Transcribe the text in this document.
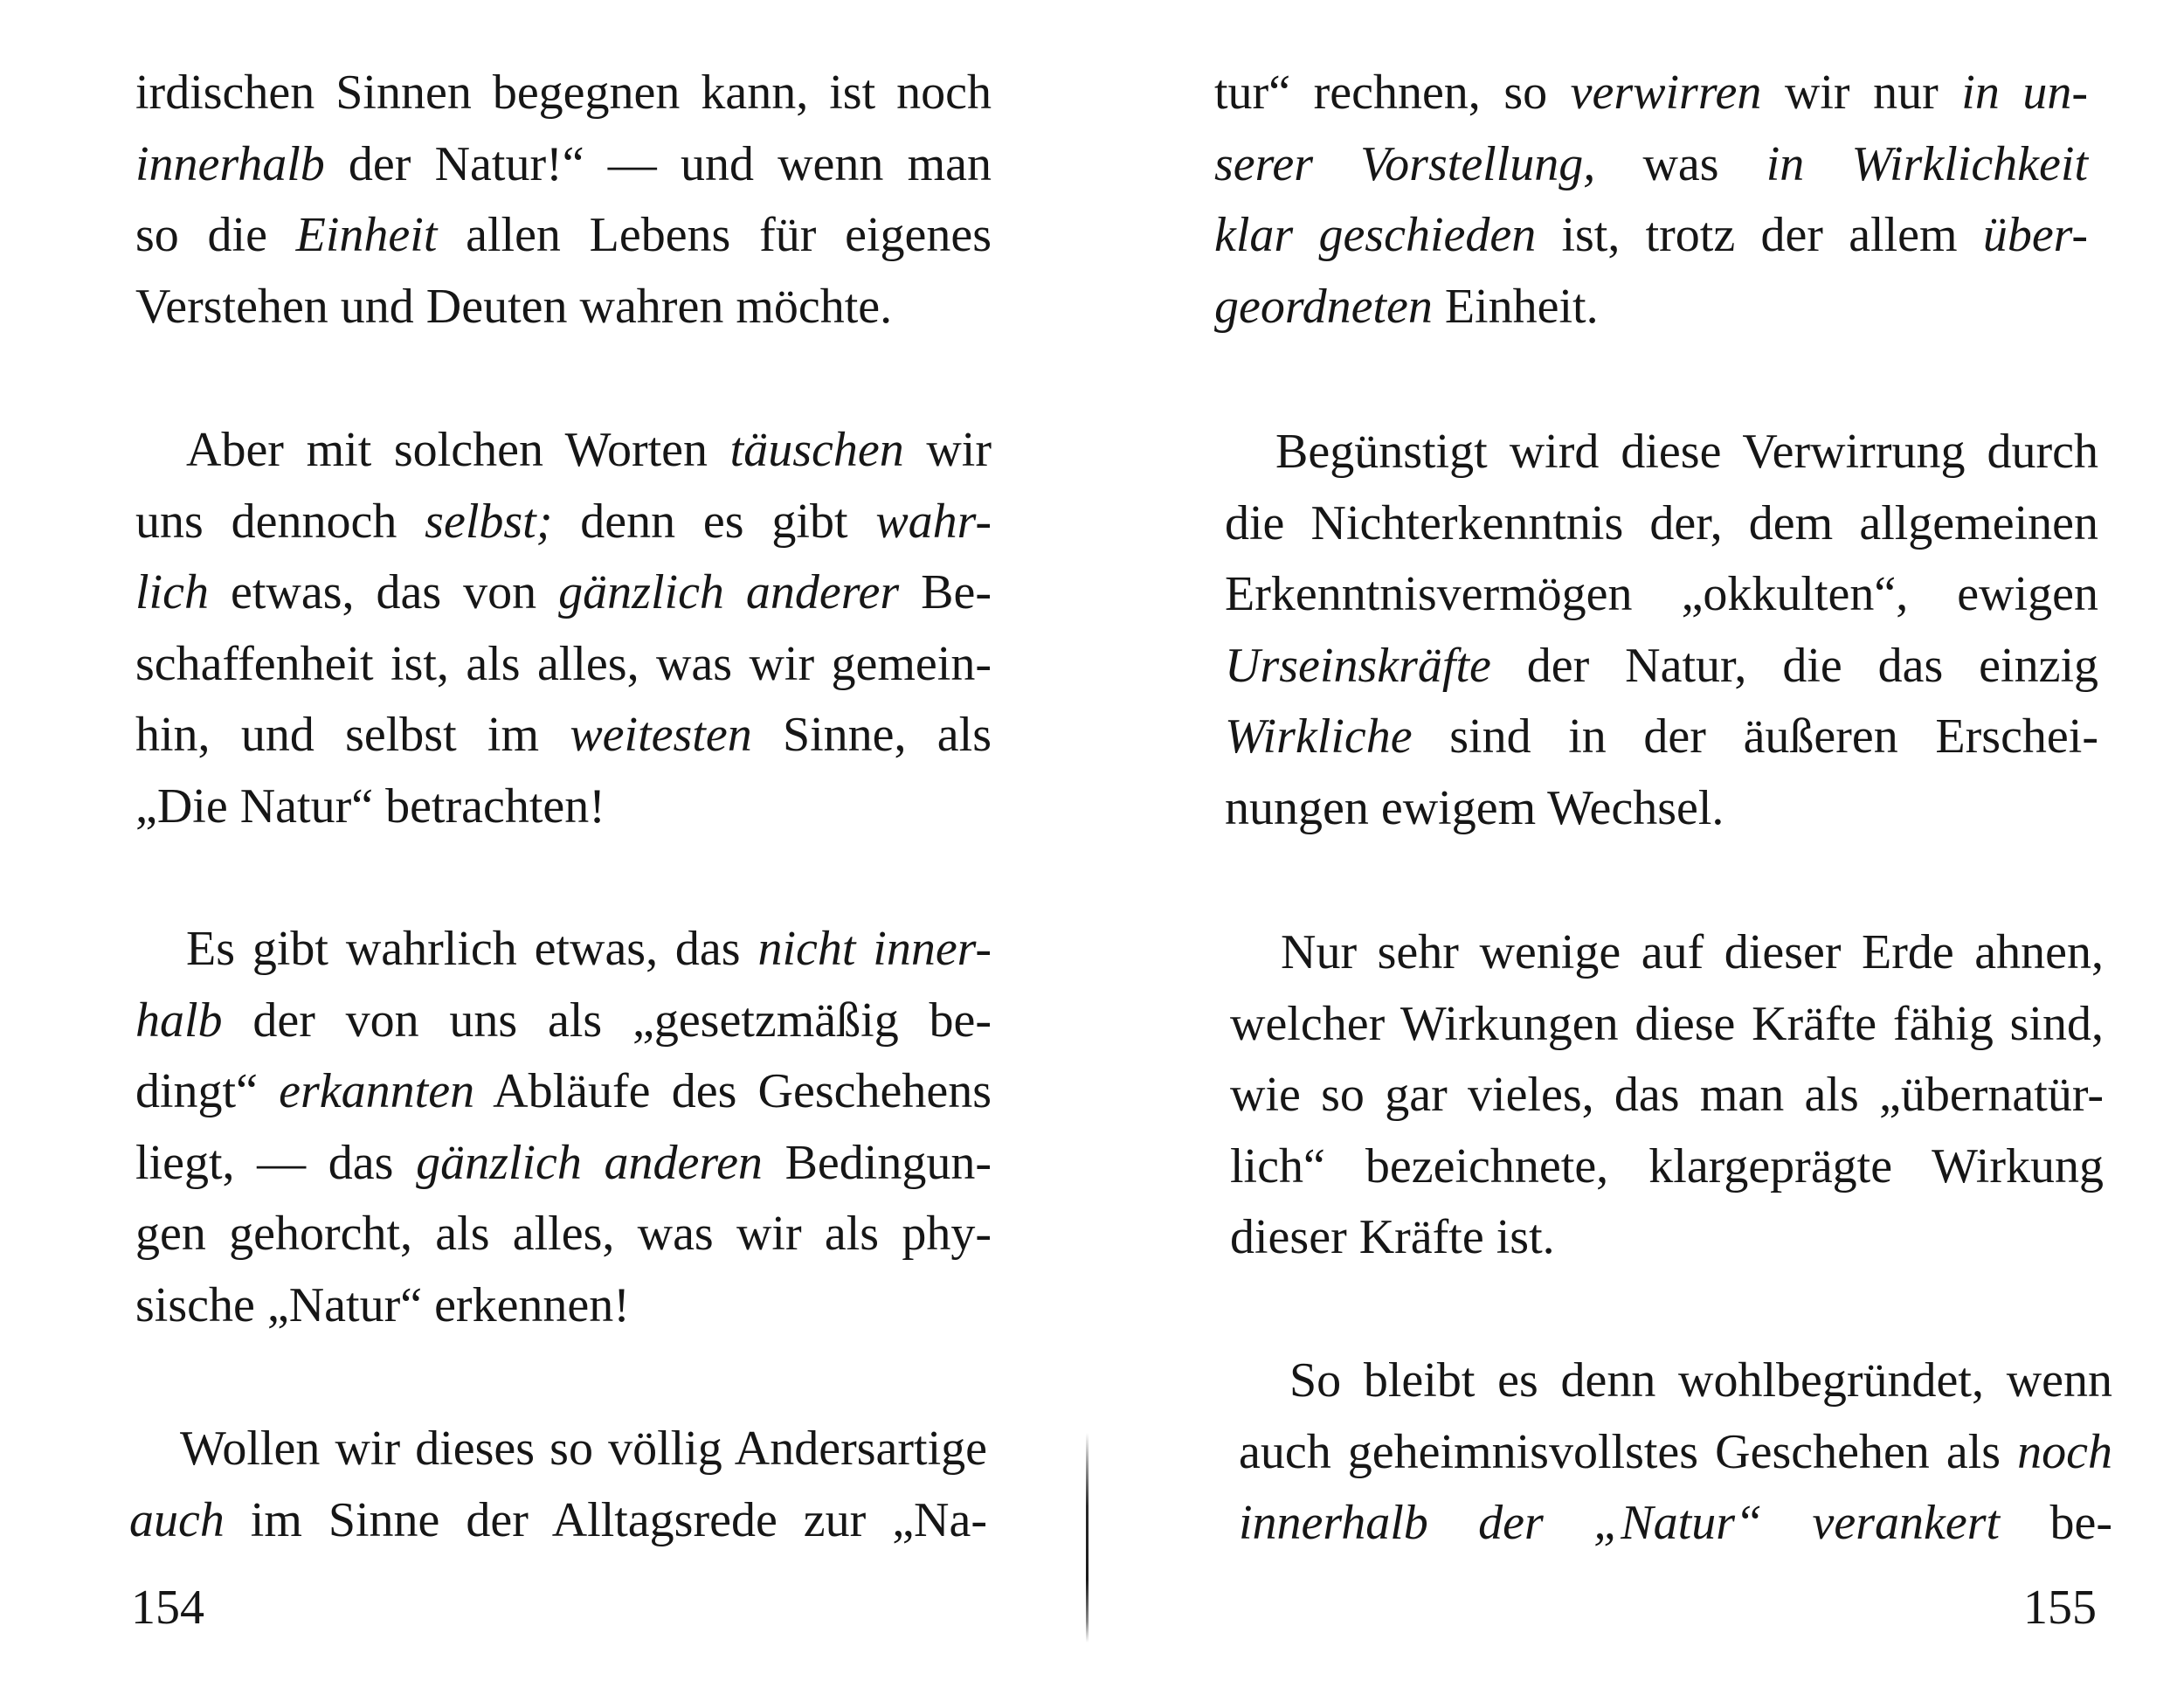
irdischen Sinnen begegnen kann, ist noch
innerhalb der Natur!“ — und wenn man
so die Einheit allen Lebens für eigenes
Verstehen und Deuten wahren möchte.
Aber mit solchen Worten täuschen wir
uns dennoch selbst; denn es gibt wahr-
lich etwas, das von gänzlich anderer Be-
schaffenheit ist, als alles, was wir gemein-
hin, und selbst im weitesten Sinne, als
„Die Natur“ betrachten!
Es gibt wahrlich etwas, das nicht inner-
halb der von uns als „gesetzmäßig be-
dingt“ erkannten Abläufe des Geschehens
liegt, — das gänzlich anderen Bedingun-
gen gehorcht, als alles, was wir als phy-
sische „Natur“ erkennen!
Wollen wir dieses so völlig Andersartige
auch im Sinne der Alltagsrede zur „Na-
154
tur“ rechnen, so verwirren wir nur in un-
serer Vorstellung, was in Wirklichkeit
klar geschieden ist, trotz der allem über-
geordneten Einheit.
Begünstigt wird diese Verwirrung durch
die Nichterkenntnis der, dem allgemeinen
Erkenntnisvermögen „okkulten“, ewigen
Urseinskräfte der Natur, die das einzig
Wirkliche sind in der äußeren Erschei-
nungen ewigem Wechsel.
Nur sehr wenige auf dieser Erde ahnen,
welcher Wirkungen diese Kräfte fähig sind,
wie so gar vieles, das man als „übernatür-
lich“ bezeichnete, klargeprägte Wirkung
dieser Kräfte ist.
So bleibt es denn wohlbegründet, wenn
auch geheimnisvollstes Geschehen als noch
innerhalb der „Natur“ verankert be-
155
